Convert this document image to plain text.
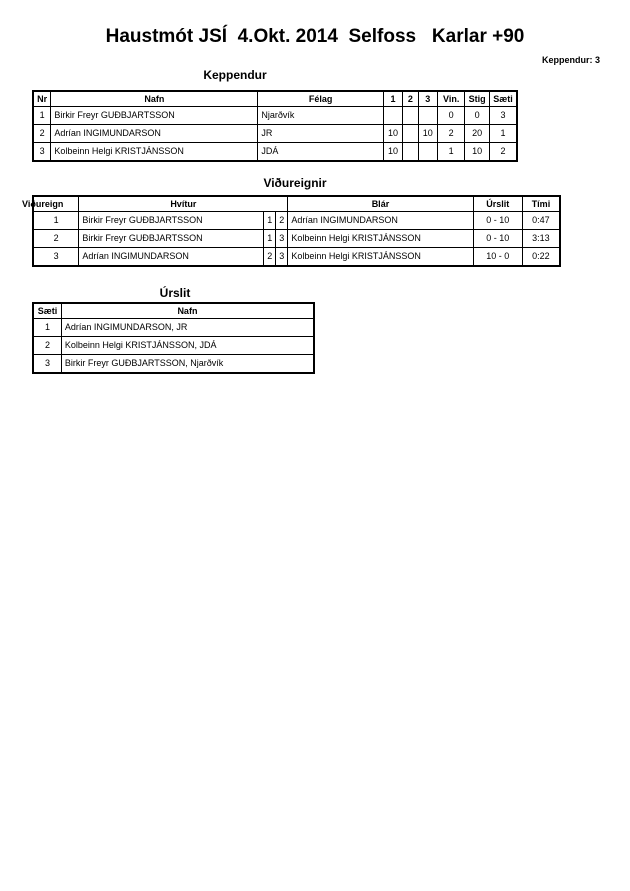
Haustmót JSÍ  4.Okt. 2014  Selfoss   Karlar +90
Keppendur: 3
Keppendur
Nr	Nafn	Félag	1	2	3	Vin.	Stig	Sæti
1	Birkir Freyr GUÐBJARTSSON	Njarðvík				0	0	3
2	Adrían INGIMUNDARSON	JR	10		10	2	20	1
3	Kolbeinn Helgi KRISTJÁNSSON	JDÁ	10			1	10	2
Viðureignir
Viðureign	Hvítur			Blár	Úrslit	Tími
1	Birkir Freyr GUÐBJARTSSON	1	2	Adrían INGIMUNDARSON	0 - 10	0:47
2	Birkir Freyr GUÐBJARTSSON	1	3	Kolbeinn Helgi KRISTJÁNSSON	0 - 10	3:13
3	Adrían INGIMUNDARSON	2	3	Kolbeinn Helgi KRISTJÁNSSON	10 - 0	0:22
Úrslit
Sæti	Nafn
1	Adrían INGIMUNDARSON, JR
2	Kolbeinn Helgi KRISTJÁNSSON, JDÁ
3	Birkir Freyr GUÐBJARTSSON, Njarðvík
